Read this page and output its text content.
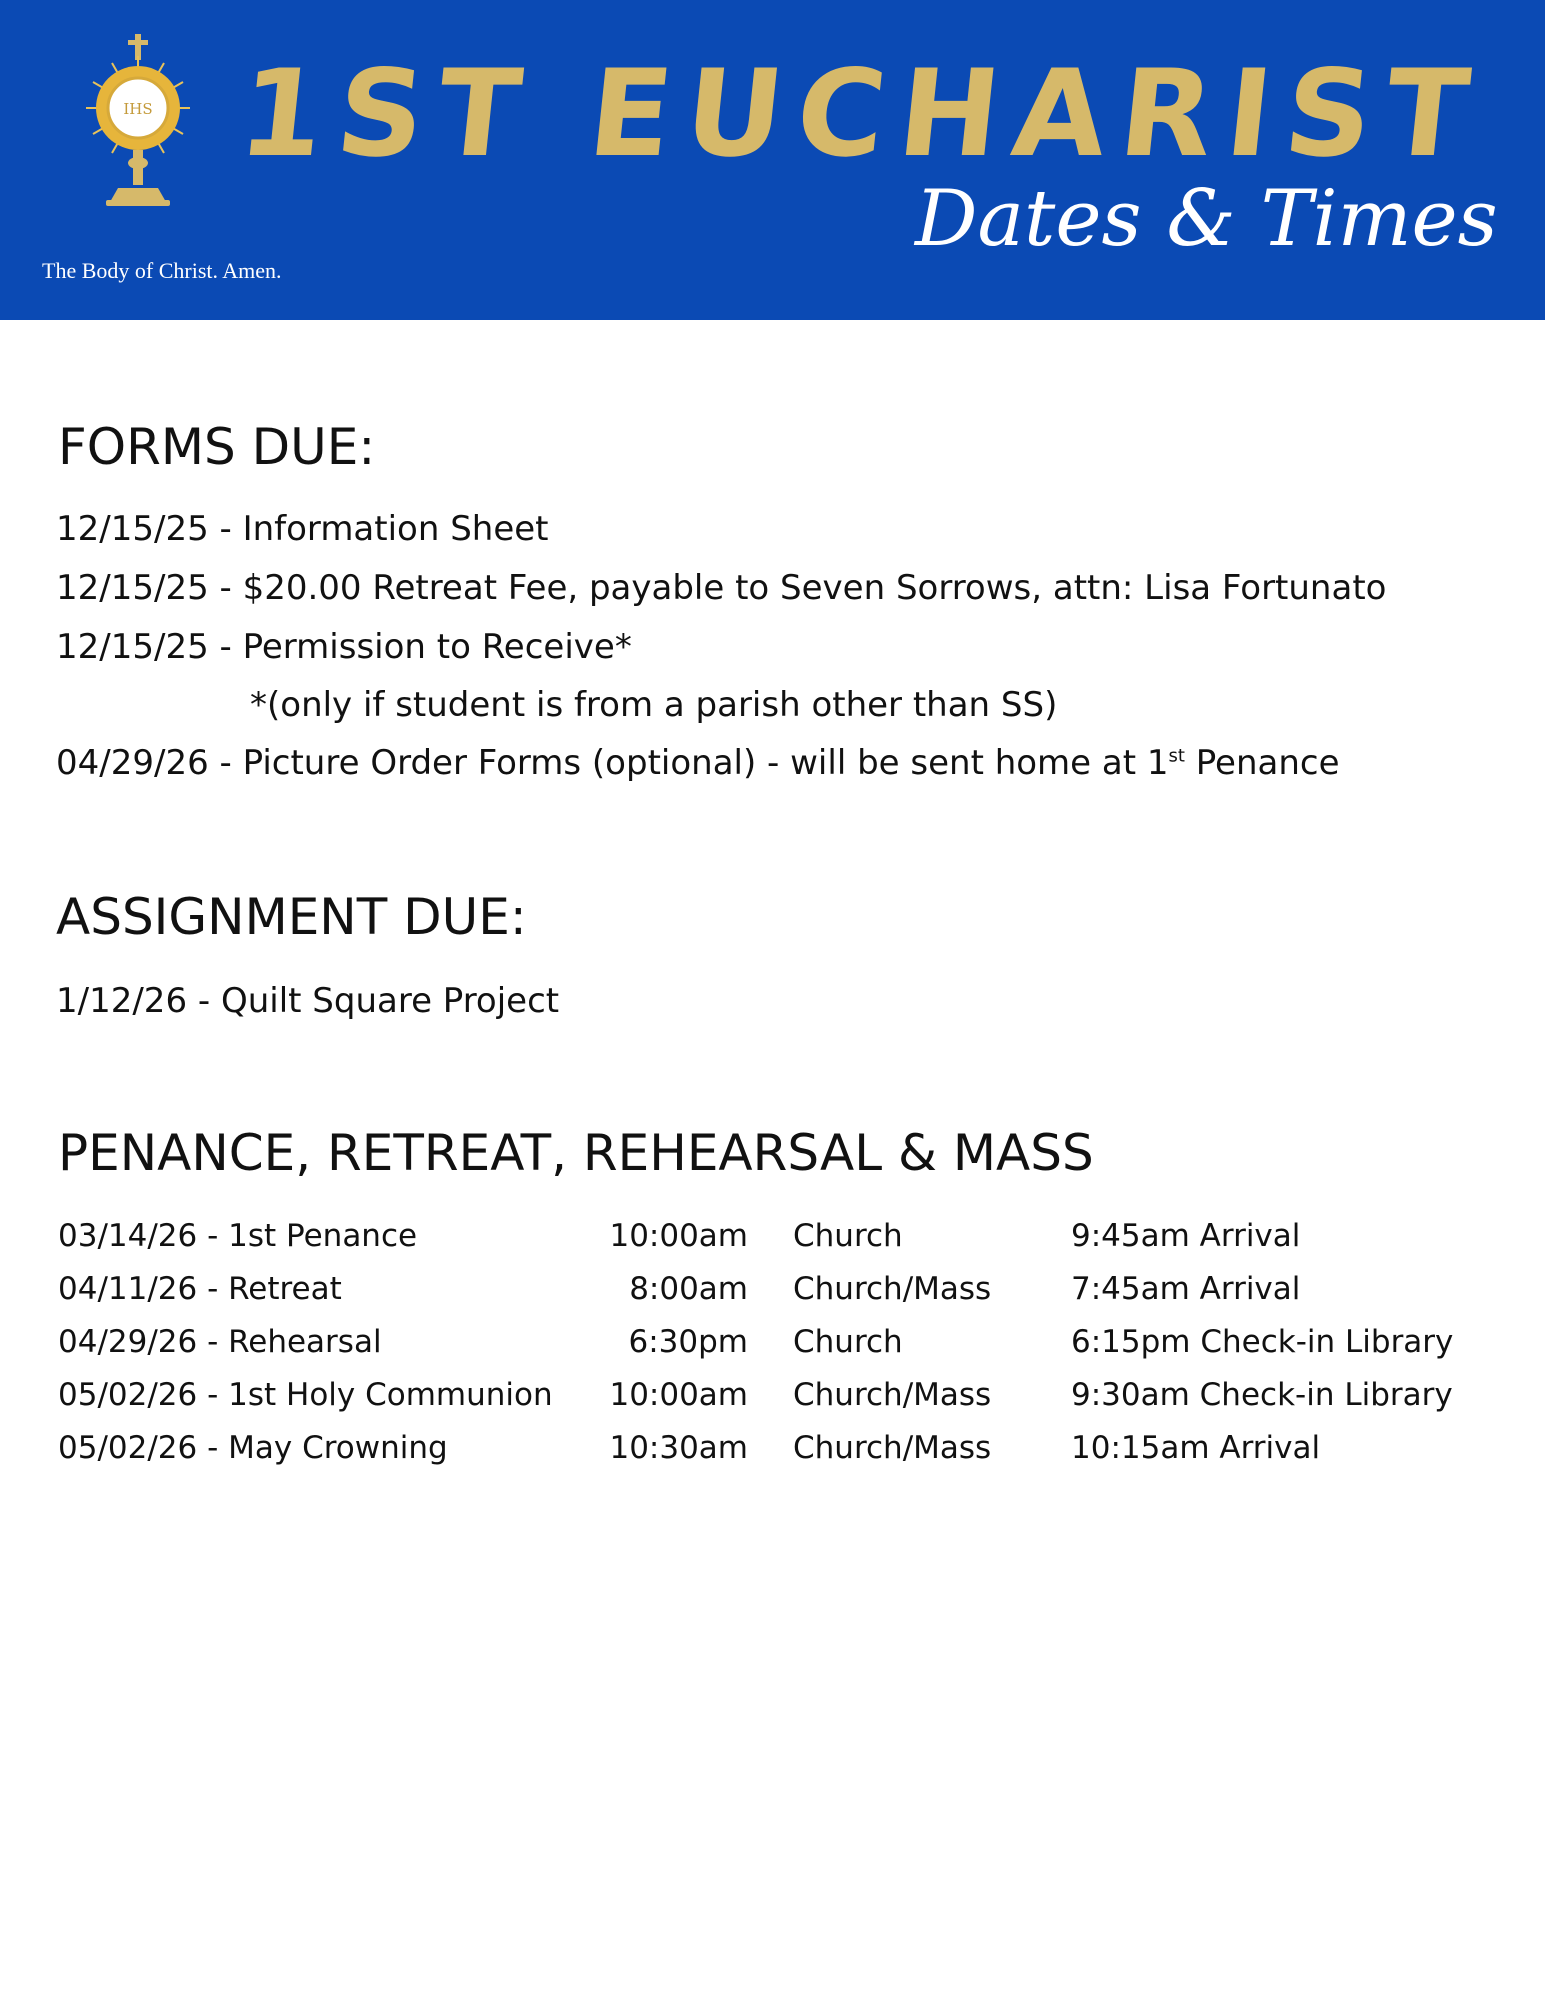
IHS 1ST EUCHARIST
Dates & Times
The Body of Christ. Amen.
FORMS DUE:
12/15/25 - Information Sheet
12/15/25 - $20.00 Retreat Fee, payable to Seven Sorrows, attn: Lisa Fortunato
12/15/25 - Permission to Receive*
*(only if student is from a parish other than SS)
04/29/26 - Picture Order Forms (optional) - will be sent home at 1st Penance
ASSIGNMENT DUE:
1/12/26 - Quilt Square Project
PENANCE, RETREAT, REHEARSAL & MASS
03/14/26 - 1st Penance	10:00am Church	9:45am Arrival
04/11/26 - Retreat	8:00am Church/Mass	7:45am Arrival
04/29/26 - Rehearsal	6:30pm Church	6:15pm Check-in Library
05/02/26 - 1st Holy Communion	10:00am Church/Mass	9:30am Check-in Library
05/02/26 - May Crowning	10:30am Church/Mass	10:15am Arrival
